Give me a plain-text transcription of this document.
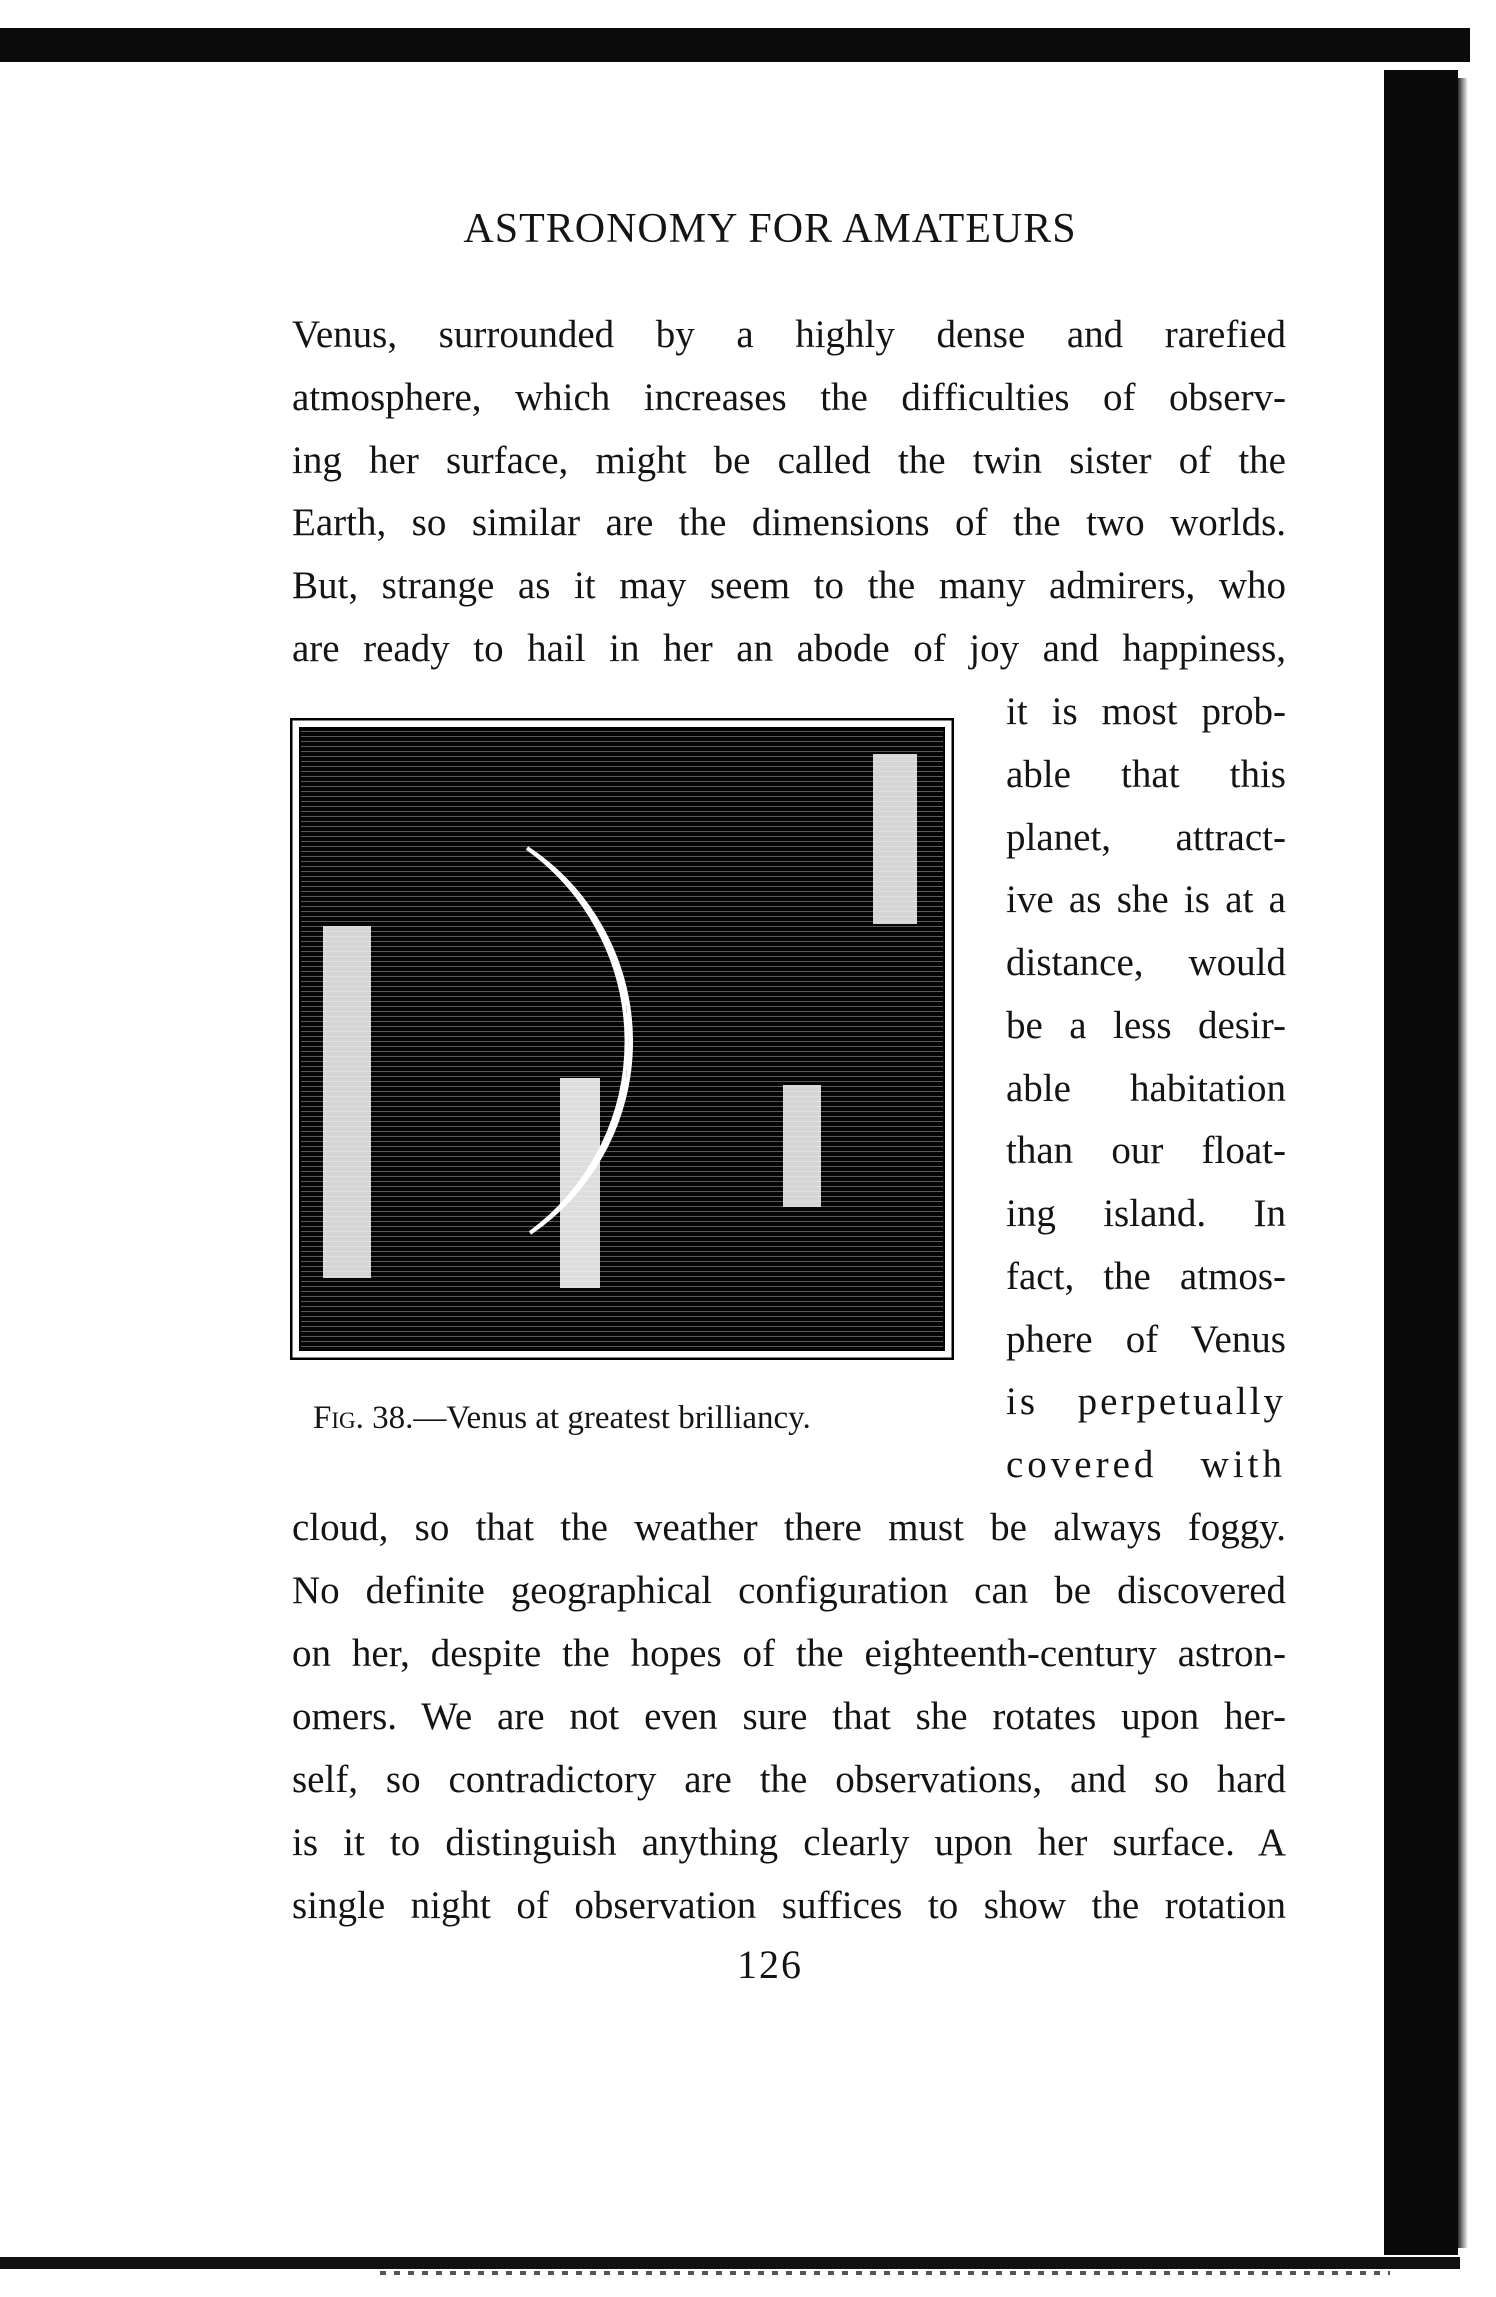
ASTRONOMY FOR AMATEURS
Venus, surrounded by a highly dense and rarefied
atmosphere, which increases the difficulties of observ-
ing her surface, might be called the twin sister of the
Earth, so similar are the dimensions of the two worlds.
But, strange as it may seem to the many admirers, who
are ready to hail in her an abode of joy and happiness,
Fig. 38.—Venus at greatest brilliancy.
it is most prob-
able that this
planet, attract-
ive as she is at a
distance, would
be a less desir-
able habitation
than our float-
ing island. In
fact, the atmos-
phere of Venus
is perpetually
covered with
cloud, so that the weather there must be always foggy.
No definite geographical configuration can be discovered
on her, despite the hopes of the eighteenth-century astron-
omers. We are not even sure that she rotates upon her-
self, so contradictory are the observations, and so hard
is it to distinguish anything clearly upon her surface. A
single night of observation suffices to show the rotation
126
